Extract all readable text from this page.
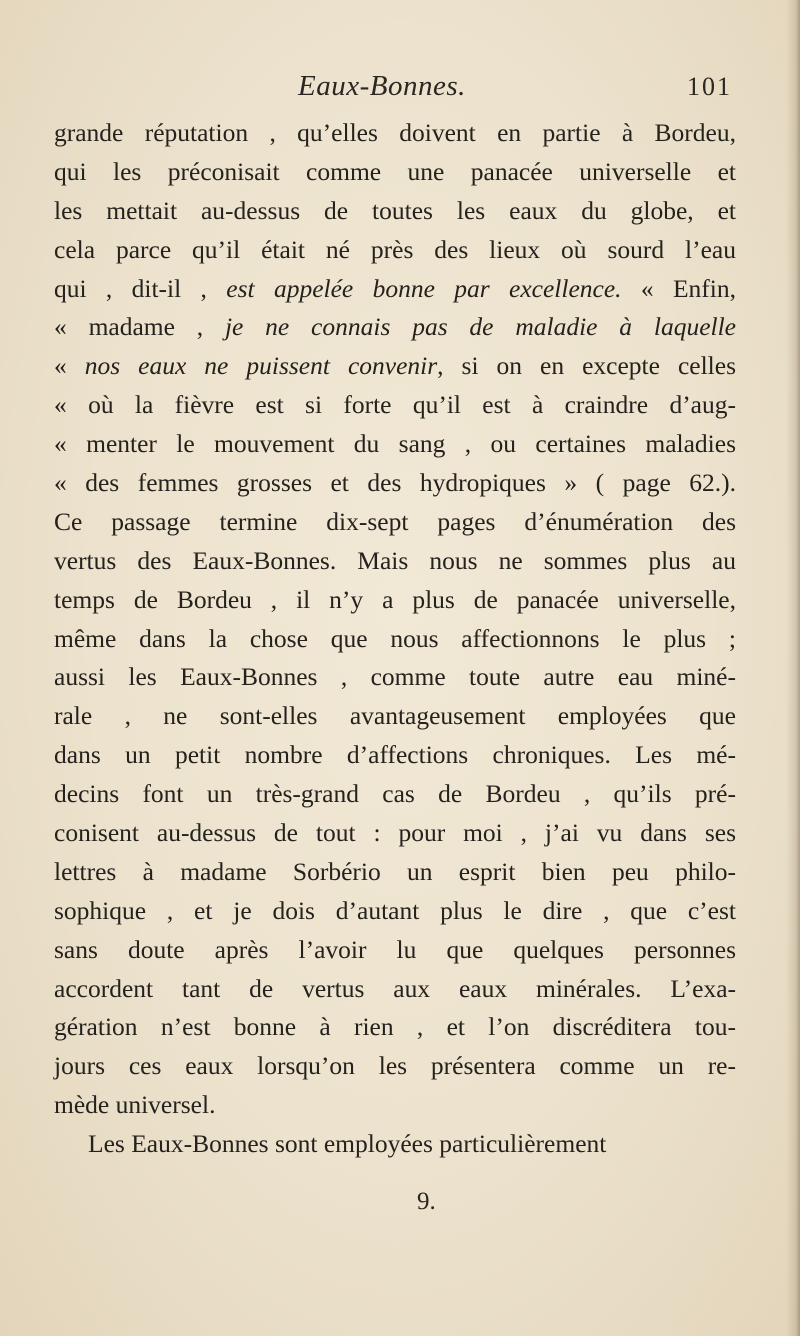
Eaux-Bonnes.	101
grande réputation , qu’elles doivent en partie à Bordeu,
qui les préconisait comme une panacée universelle et
les mettait au-dessus de toutes les eaux du globe, et
cela parce qu’il était né près des lieux où sourd l’eau
qui , dit-il , est appelée bonne par excellence. « Enfin,
« madame , je ne connais pas de maladie à laquelle
« nos eaux ne puissent convenir, si on en excepte celles
« où la fièvre est si forte qu’il est à craindre d’aug-
« menter le mouvement du sang , ou certaines maladies
« des femmes grosses et des hydropiques » ( page 62.).
Ce passage termine dix-sept pages d’énumération des
vertus des Eaux-Bonnes. Mais nous ne sommes plus au
temps de Bordeu , il n’y a plus de panacée universelle,
même dans la chose que nous affectionnons le plus ;
aussi les Eaux-Bonnes , comme toute autre eau miné-
rale , ne sont-elles avantageusement employées que
dans un petit nombre d’affections chroniques. Les mé-
decins font un très-grand cas de Bordeu , qu’ils pré-
conisent au-dessus de tout : pour moi , j’ai vu dans ses
lettres à madame Sorbério un esprit bien peu philo-
sophique , et je dois d’autant plus le dire , que c’est
sans doute après l’avoir lu que quelques personnes
accordent tant de vertus aux eaux minérales. L’exa-
gération n’est bonne à rien , et l’on discréditera tou-
jours ces eaux lorsqu’on les présentera comme un re-
mède universel.
Les Eaux-Bonnes sont employées particulièrement
9.
